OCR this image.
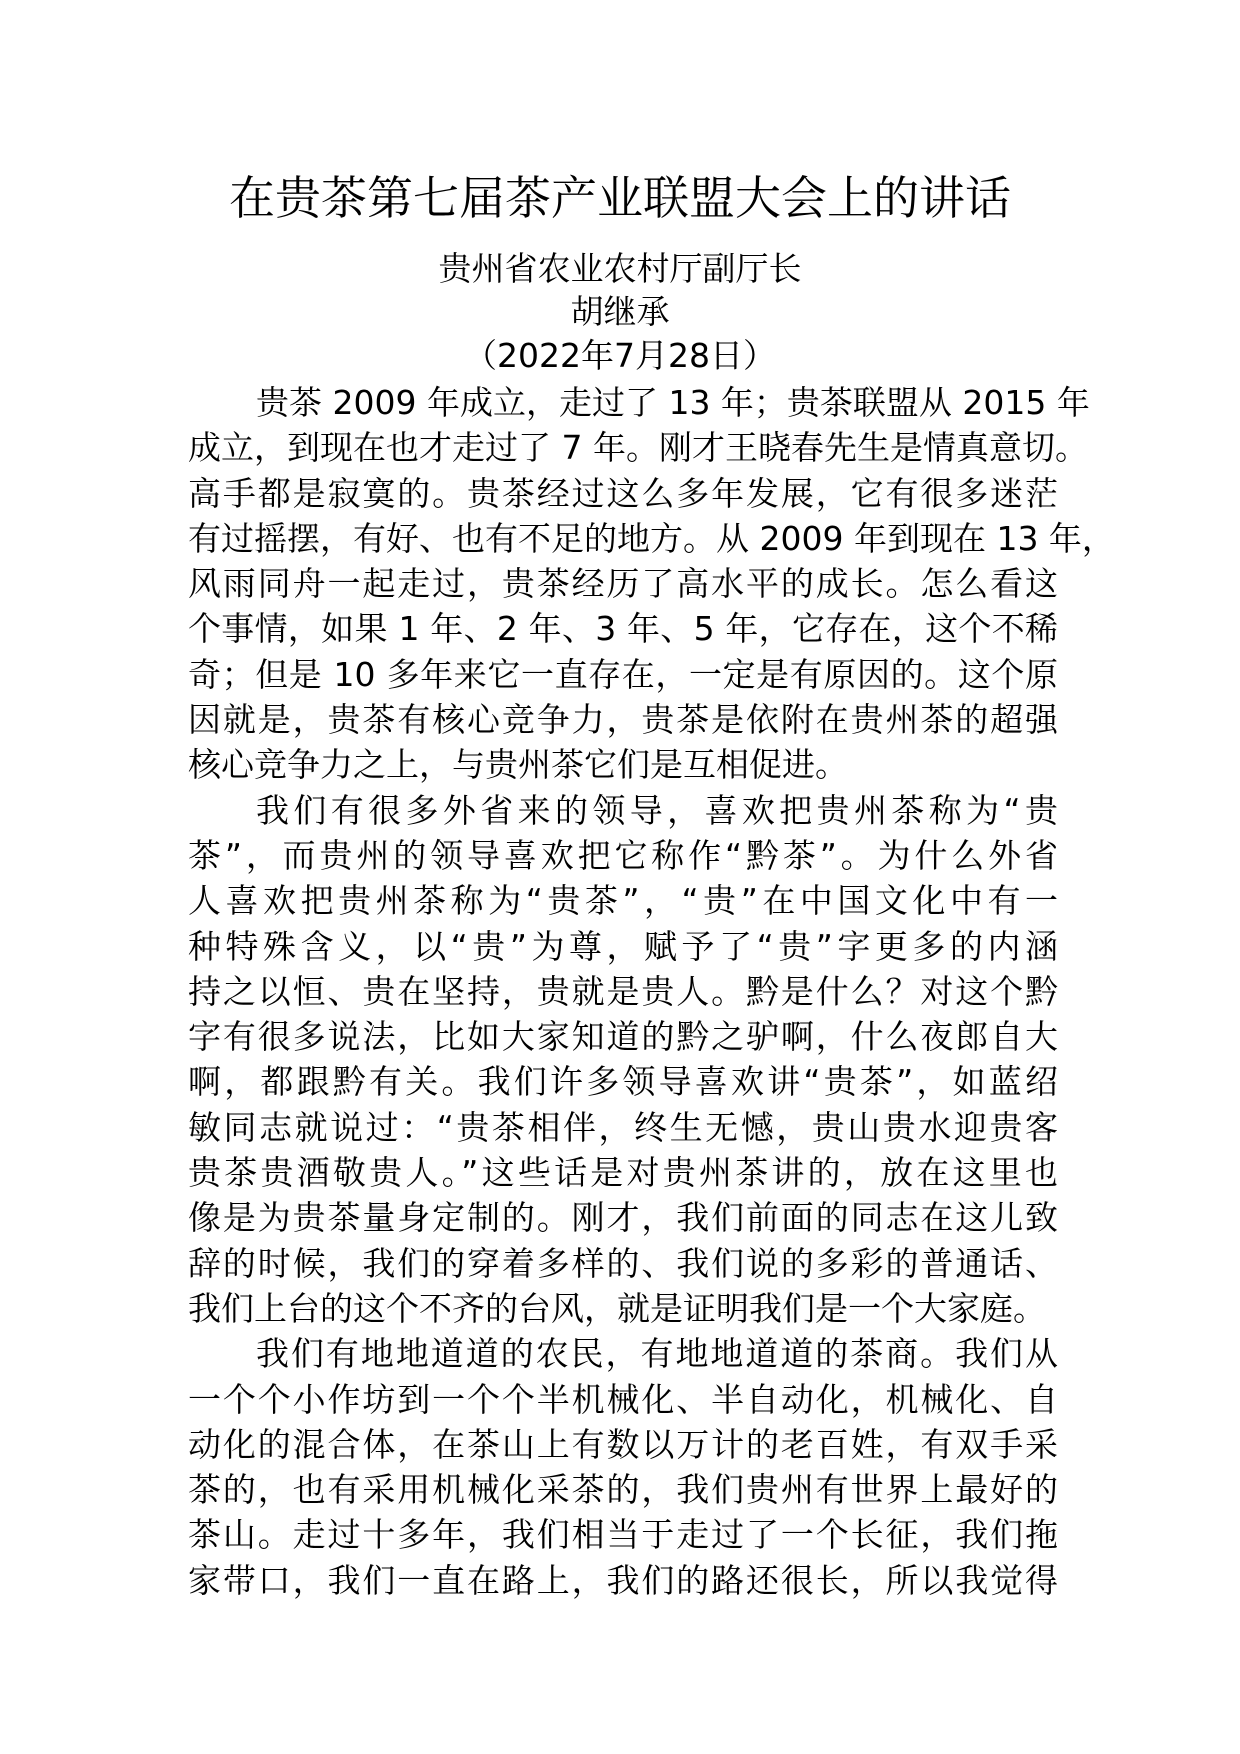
在贵茶第七届茶产业联盟大会上的讲话
贵州省农业农村厅副厅长
胡继承
（2022年7月28日）
贵茶 2009 年成立，走过了 13 年；贵茶联盟从 2015 年
成立，到现在也才走过了 7 年。刚才王晓春先生是情真意切。
高手都是寂寞的。贵茶经过这么多年发展，它有很多迷茫
有过摇摆，有好、也有不足的地方。从 2009 年到现在 13 年，
风雨同舟一起走过，贵茶经历了高水平的成长。怎么看这
个事情，如果 1 年、2 年、3 年、5 年，它存在，这个不稀
奇；但是 10 多年来它一直存在，一定是有原因的。这个原
因就是，贵茶有核心竞争力，贵茶是依附在贵州茶的超强
核心竞争力之上，与贵州茶它们是互相促进。
我们有很多外省来的领导，喜欢把贵州茶称为“贵
茶”，而贵州的领导喜欢把它称作“黔茶”。为什么外省
人喜欢把贵州茶称为“贵茶”，“贵”在中国文化中有一
种特殊含义，以“贵”为尊，赋予了“贵”字更多的内涵
持之以恒、贵在坚持，贵就是贵人。黔是什么？对这个黔
字有很多说法，比如大家知道的黔之驴啊，什么夜郎自大
啊，都跟黔有关。我们许多领导喜欢讲“贵茶”，如蓝绍
敏同志就说过：“贵茶相伴，终生无憾，贵山贵水迎贵客
贵茶贵酒敬贵人。”这些话是对贵州茶讲的，放在这里也
像是为贵茶量身定制的。刚才，我们前面的同志在这儿致
辞的时候，我们的穿着多样的、我们说的多彩的普通话、
我们上台的这个不齐的台风，就是证明我们是一个大家庭。
我们有地地道道的农民，有地地道道的茶商。我们从
一个个小作坊到一个个半机械化、半自动化，机械化、自
动化的混合体，在茶山上有数以万计的老百姓，有双手采
茶的，也有采用机械化采茶的，我们贵州有世界上最好的
茶山。走过十多年，我们相当于走过了一个长征，我们拖
家带口，我们一直在路上，我们的路还很长，所以我觉得
